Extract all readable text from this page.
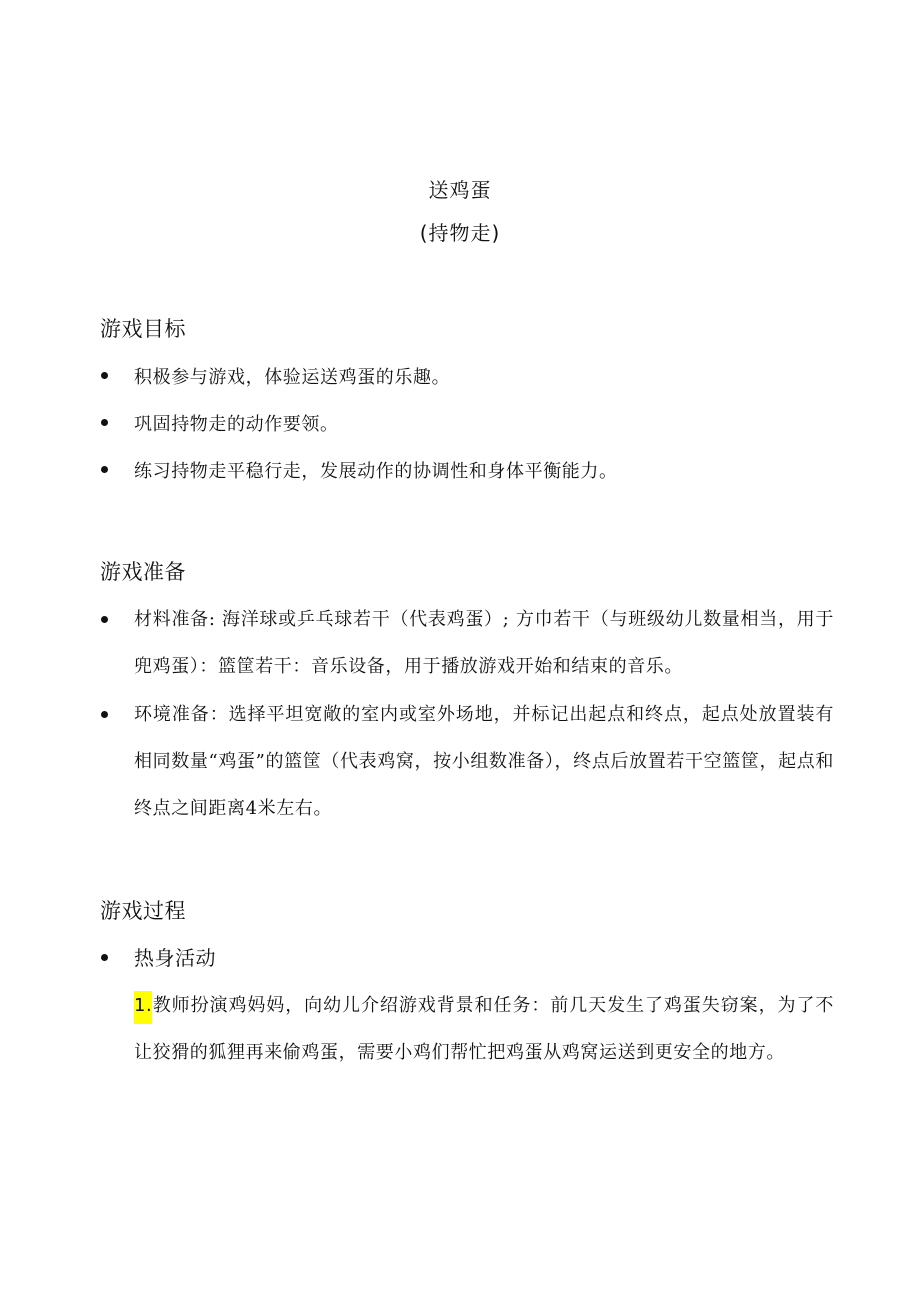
送鸡蛋
(持物走)
游戏目标
积极参与游戏，体验运送鸡蛋的乐趣。
巩固持物走的动作要领。
练习持物走平稳行走，发展动作的协调性和身体平衡能力。
游戏准备
材料准备: 海洋球或乒乓球若干（代表鸡蛋）; 方巾若干（与班级幼儿数量相当，用于兜鸡蛋）：篮筐若干：音乐设备，用于播放游戏开始和结束的音乐。
环境准备：选择平坦宽敞的室内或室外场地，并标记出起点和终点，起点处放置装有相同数量“鸡蛋”的篮筐（代表鸡窝，按小组数准备），终点后放置若干空篮筐，起点和终点之间距离4米左右。
游戏过程
热身活动
1.教师扮演鸡妈妈，向幼儿介绍游戏背景和任务：前几天发生了鸡蛋失窃案，为了不让狡猾的狐狸再来偷鸡蛋，需要小鸡们帮忙把鸡蛋从鸡窝运送到更安全的地方。
